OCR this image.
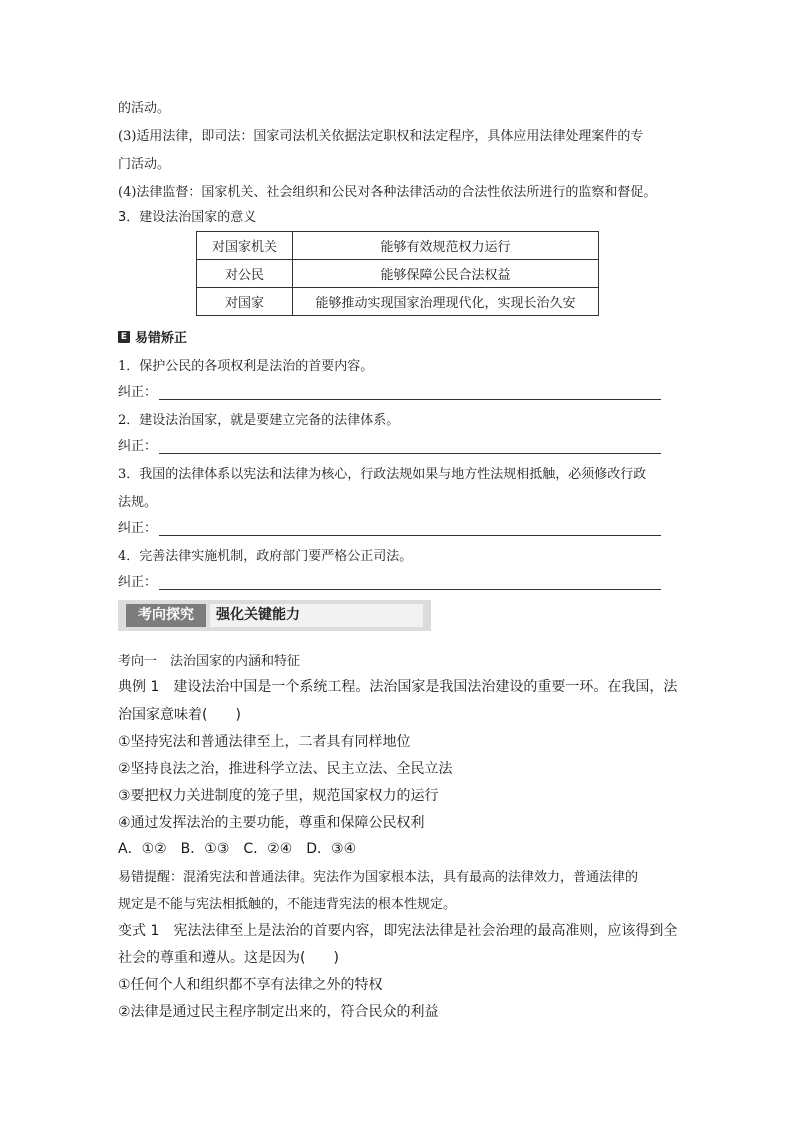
的活动。
(3)适用法律，即司法：国家司法机关依据法定职权和法定程序，具体应用法律处理案件的专
门活动。
(4)法律监督：国家机关、社会组织和公民对各种法律活动的合法性依法所进行的监察和督促。
3．建设法治国家的意义
对国家机关	能够有效规范权力运行
对公民	能够保障公民合法权益
对国家	能够推动实现国家治理现代化，实现长治久安
E 易错矫正
1．保护公民的各项权利是法治的首要内容。
纠正：
2．建设法治国家，就是要建立完备的法律体系。
纠正：
3．我国的法律体系以宪法和法律为核心，行政法规如果与地方性法规相抵触，必须修改行政
法规。
纠正：
4．完善法律实施机制，政府部门要严格公正司法。
纠正：
考向探究	强化关键能力
考向一　法治国家的内涵和特征
典例 1　建设法治中国是一个系统工程。法治国家是我国法治建设的重要一环。在我国，法
治国家意味着(　　)
①坚持宪法和普通法律至上，二者具有同样地位
②坚持良法之治，推进科学立法、民主立法、全民立法
③要把权力关进制度的笼子里，规范国家权力的运行
④通过发挥法治的主要功能，尊重和保障公民权利
A．①②　B．①③　C．②④　D．③④
易错提醒：混淆宪法和普通法律。宪法作为国家根本法，具有最高的法律效力，普通法律的
规定是不能与宪法相抵触的，不能违背宪法的根本性规定。
变式 1　宪法法律至上是法治的首要内容，即宪法法律是社会治理的最高准则，应该得到全
社会的尊重和遵从。这是因为(　　)
①任何个人和组织都不享有法律之外的特权
②法律是通过民主程序制定出来的，符合民众的利益
